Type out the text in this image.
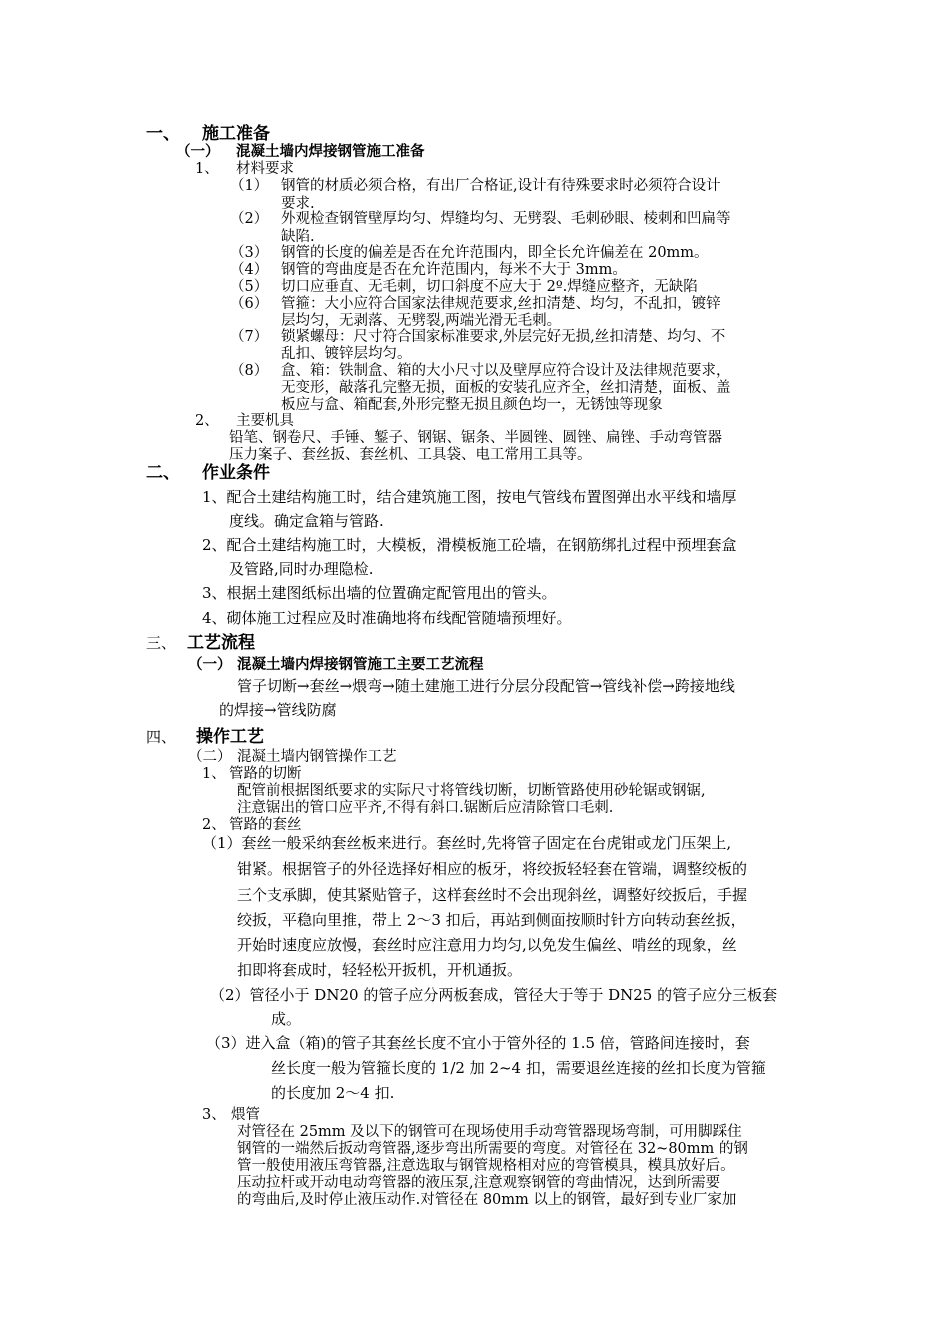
一、 施工准备
（一） 混凝土墙内焊接钢管施工准备
1、 材料要求
（1） 钢管的材质必须合格，有出厂合格证,设计有待殊要求时必须符合设计
要求.
（2） 外观检查钢管壁厚均匀、焊缝均匀、无劈裂、毛刺砂眼、棱刺和凹扁等
缺陷.
（3） 钢管的长度的偏差是否在允许范围内，即全长允许偏差在 20mm。
（4） 钢管的弯曲度是否在允许范围内，每米不大于 3mm。
（5） 切口应垂直、无毛刺，切口斜度不应大于 2º.焊缝应整齐，无缺陷
（6） 管箍：大小应符合国家法律规范要求,丝扣清楚、均匀，不乱扣，镀锌
层均匀，无剥落、无劈裂,两端光滑无毛刺。
（7） 锁紧螺母：尺寸符合国家标准要求,外层完好无损,丝扣清楚、均匀、不
乱扣、镀锌层均匀。
（8） 盒、箱：铁制盒、箱的大小尺寸以及壁厚应符合设计及法律规范要求，
无变形，敲落孔完整无损，面板的安装孔应齐全，丝扣清楚，面板、盖
板应与盒、箱配套,外形完整无损且颜色均一，无锈蚀等现象
2、 主要机具
铅笔、钢卷尺、手锤、錾子、钢锯、锯条、半圆锉、圆锉、扁锉、手动弯管器
压力案子、套丝扳、套丝机、工具袋、电工常用工具等。
二、 作业条件
1、配合土建结构施工时，结合建筑施工图，按电气管线布置图弹出水平线和墙厚
度线。确定盒箱与管路.
2、配合土建结构施工时，大模板，滑模板施工砼墙，在钢筋绑扎过程中预埋套盒
及管路,同时办理隐检.
3、根据土建图纸标出墙的位置确定配管甩出的管头。
4、砌体施工过程应及时准确地将布线配管随墙预埋好。
三、 工艺流程
（一） 混凝土墙内焊接钢管施工主要工艺流程
管子切断→套丝→煨弯→随土建施工进行分层分段配管→管线补偿→跨接地线
的焊接→管线防腐
四、 操作工艺
（二） 混凝土墙内钢管操作工艺
1、 管路的切断
配管前根据图纸要求的实际尺寸将管线切断，切断管路使用砂轮锯或钢锯,
注意锯出的管口应平齐,不得有斜口.锯断后应清除管口毛刺.
2、 管路的套丝
（1）套丝一般采纳套丝板来进行。套丝时,先将管子固定在台虎钳或龙门压架上,
钳紧。根据管子的外径选择好相应的板牙，将绞扳轻轻套在管端，调整绞板的
三个支承脚，使其紧贴管子，这样套丝时不会出现斜丝，调整好绞扳后，手握
绞扳，平稳向里推，带上 2～3 扣后，再站到侧面按顺时针方向转动套丝扳，
开始时速度应放慢，套丝时应注意用力均匀,以免发生偏丝、啃丝的现象，丝
扣即将套成时，轻轻松开扳机，开机通扳。
（2）管径小于 DN20 的管子应分两板套成，管径大于等于 DN25 的管子应分三板套
成。
（3）进入盒（箱)的管子其套丝长度不宜小于管外径的 1.5 倍，管路间连接时，套
丝长度一般为管箍长度的 1/2 加 2~4 扣，需要退丝连接的丝扣长度为管箍
的长度加 2～4 扣.
3、 煨管
对管径在 25mm 及以下的钢管可在现场使用手动弯管器现场弯制，可用脚踩住
钢管的一端然后扳动弯管器,逐步弯出所需要的弯度。对管径在 32~80mm 的钢
管一般使用液压弯管器,注意选取与钢管规格相对应的弯管模具，模具放好后。
压动拉杆或开动电动弯管器的液压泵,注意观察钢管的弯曲情况，达到所需要
的弯曲后,及时停止液压动作.对管径在 80mm 以上的钢管，最好到专业厂家加
